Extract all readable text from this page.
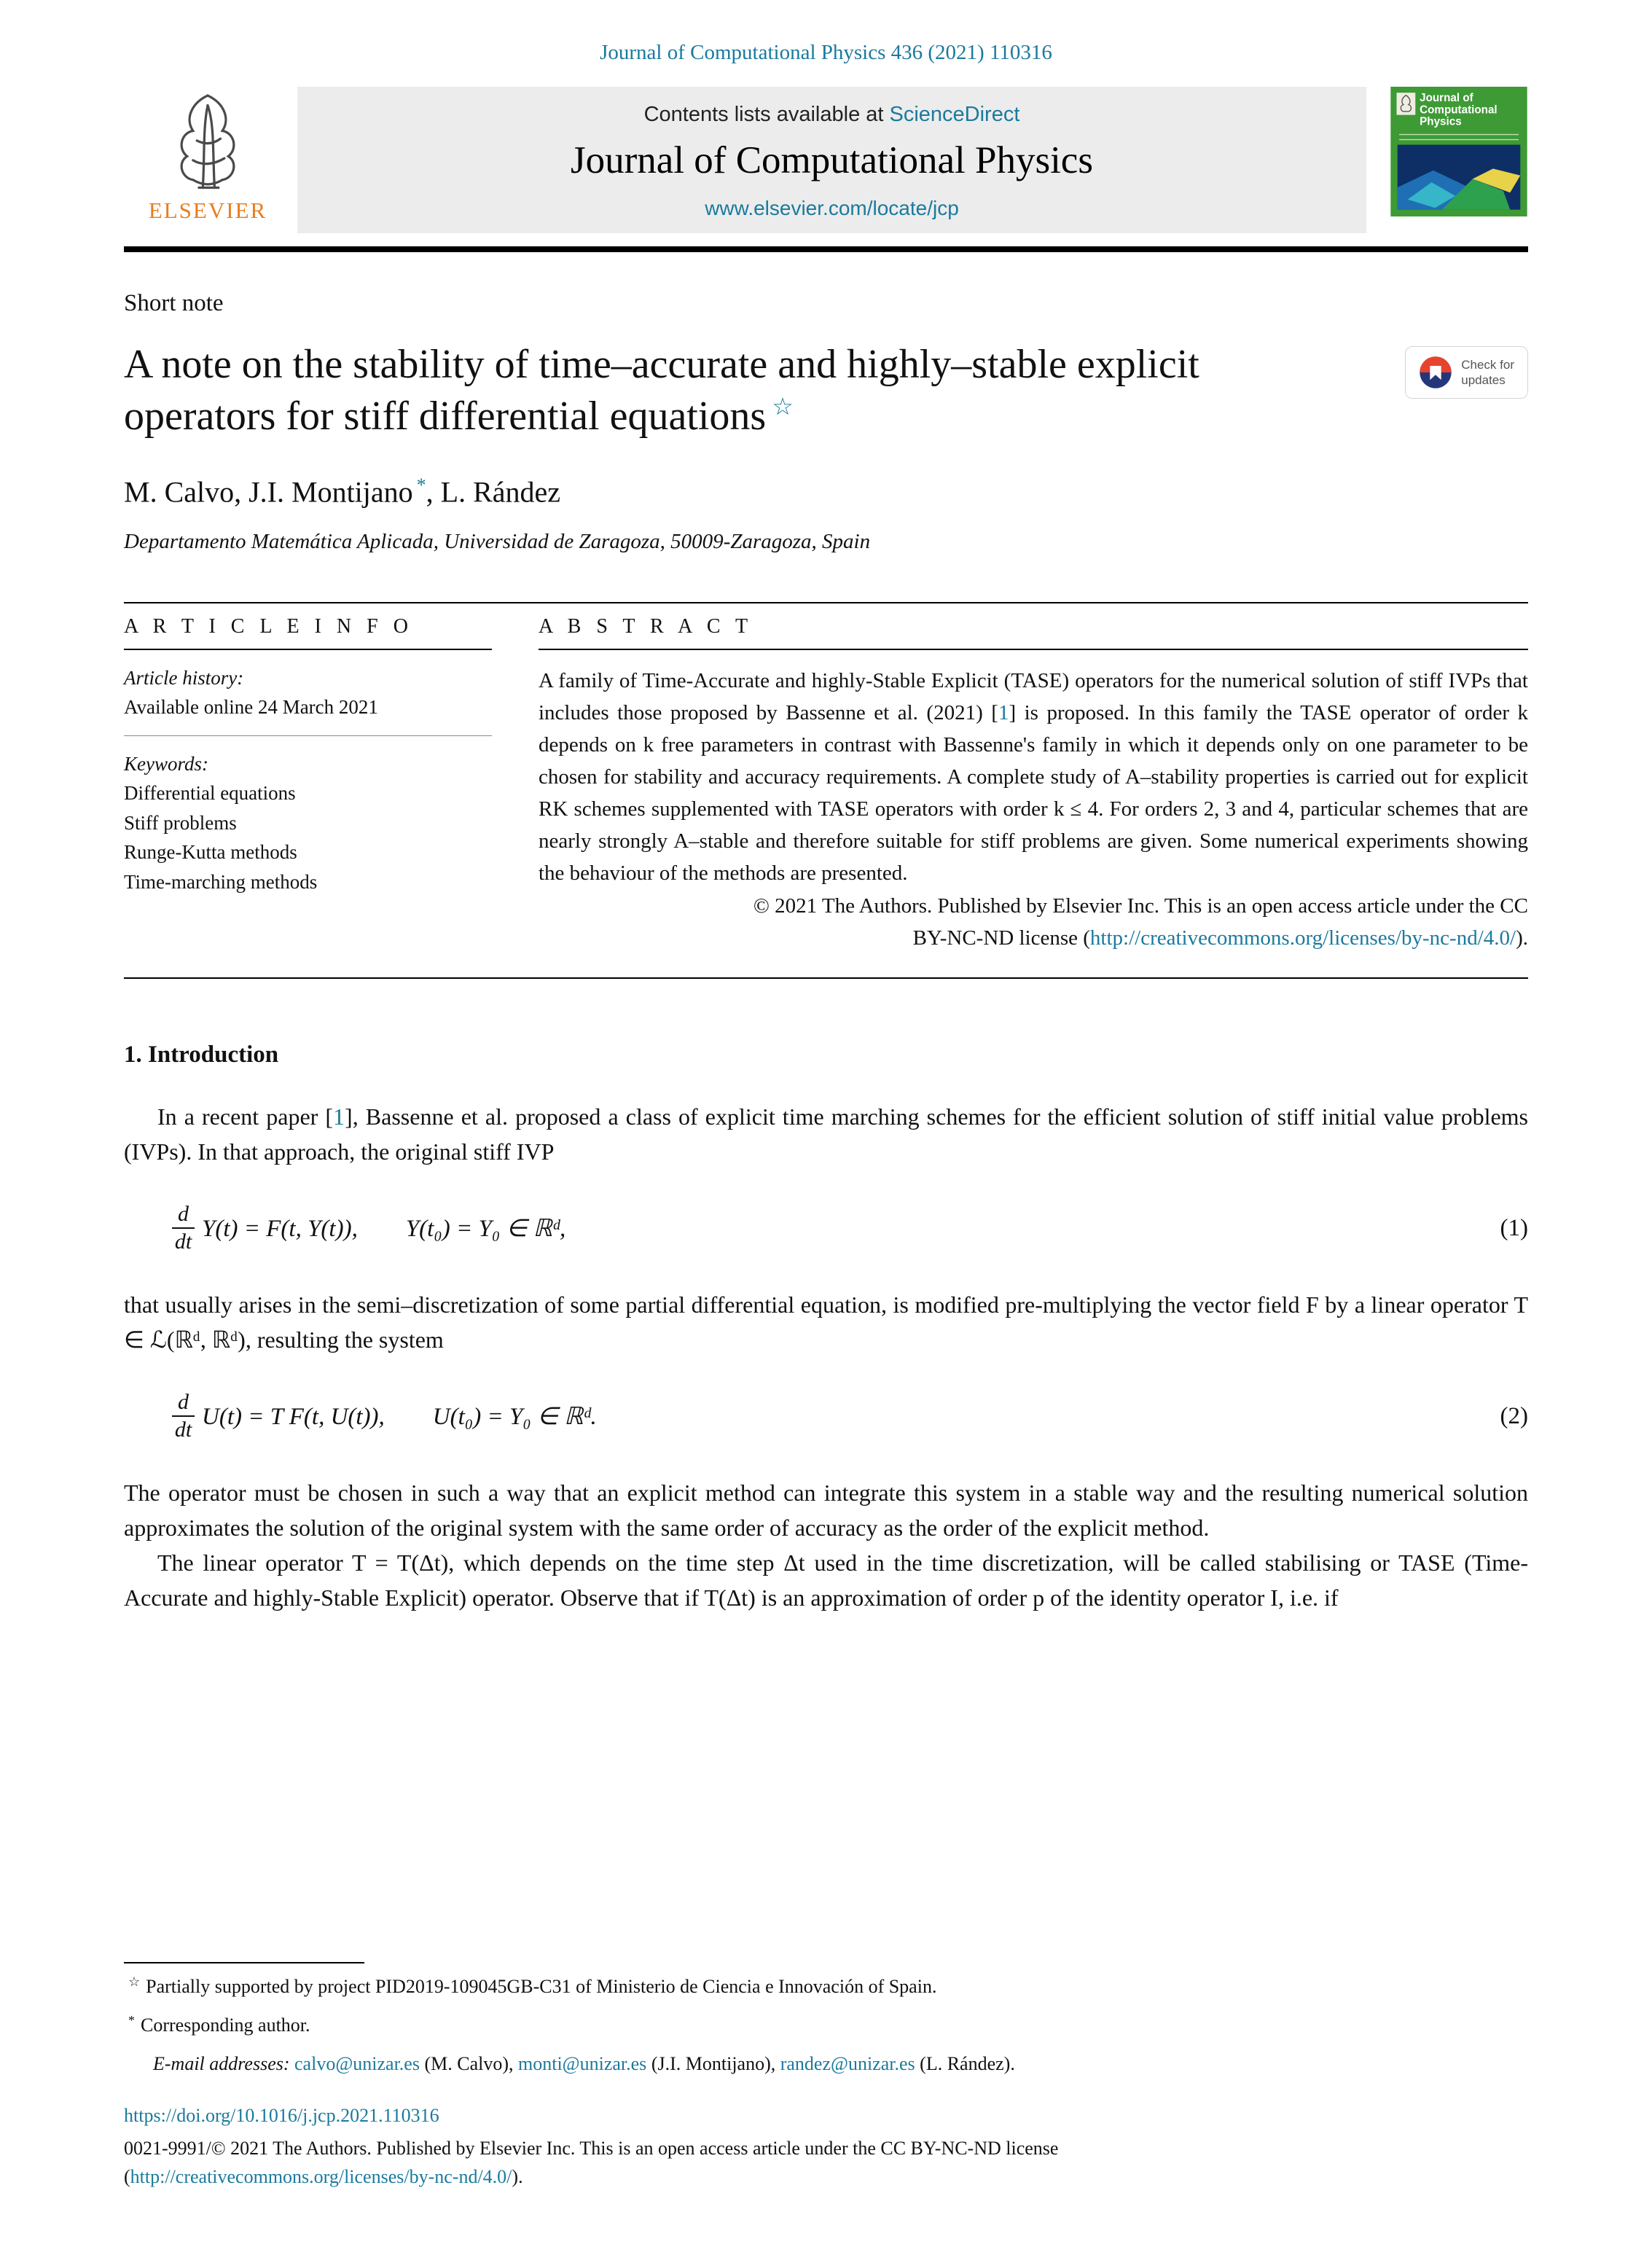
Journal of Computational Physics 436 (2021) 110316
ELSEVIER
Contents lists available at ScienceDirect
Journal of Computational Physics
www.elsevier.com/locate/jcp
Journal of
Computational
Physics
Short note
A note on the stability of time–accurate and highly–stable explicit operators for stiff differential equations ☆
Check for
updates
M. Calvo, J.I. Montijano *, L. Rández
Departamento Matemática Aplicada, Universidad de Zaragoza, 50009-Zaragoza, Spain
A R T I C L E I N F O
Article history:
Available online 24 March 2021
Keywords:
Differential equations
Stiff problems
Runge-Kutta methods
Time-marching methods
A B S T R A C T

A family of Time-Accurate and highly-Stable Explicit (TASE) operators for the numerical solution of stiff IVPs that includes those proposed by Bassenne et al. (2021) [1] is proposed. In this family the TASE operator of order k depends on k free parameters in contrast with Bassenne's family in which it depends only on one parameter to be chosen for stability and accuracy requirements. A complete study of A–stability properties is carried out for explicit RK schemes supplemented with TASE operators with order k ≤ 4. For orders 2, 3 and 4, particular schemes that are nearly strongly A–stable and therefore suitable for stiff problems are given. Some numerical experiments showing the behaviour of the methods are presented.

© 2021 The Authors. Published by Elsevier Inc. This is an open access article under the CC
BY-NC-ND license (http://creativecommons.org/licenses/by-nc-nd/4.0/).
1. Introduction

In a recent paper [1], Bassenne et al. proposed a class of explicit time marching schemes for the efficient solution of stiff initial value problems (IVPs). In that approach, the original stiff IVP

$\frac{d}{dt} Y(t) = F(t$, Y(t)),  Y(t₀) = Y₀ ∈ ℝᵈ,	(1)

that usually arises in the semi–discretization of some partial differential equation, is modified pre-multiplying the vector field F by a linear operator T ∈ ℒ(ℝᵈ, ℝᵈ), resulting the system

$\frac{d}{dt} U(t) = T$ F(t, U(t)),  U(t₀) = Y₀ ∈ ℝᵈ.	(2)

The operator must be chosen in such a way that an explicit method can integrate this system in a stable way and the resulting numerical solution approximates the solution of the original system with the same order of accuracy as the order of the explicit method.

The linear operator T = T(Δt), which depends on the time step Δt used in the time discretization, will be called stabilising or TASE (Time-Accurate and highly-Stable Explicit) operator. Observe that if T(Δt) is an approximation of order p of the identity operator I, i.e. if

☆ Partially supported by project PID2019-109045GB-C31 of Ministerio de Ciencia e Innovación of Spain.
* Corresponding author.
E-mail addresses: calvo@unizar.es (M. Calvo), monti@unizar.es (J.I. Montijano), randez@unizar.es (L. Rández).
https://doi.org/10.1016/j.jcp.2021.110316
0021-9991/© 2021 The Authors. Published by Elsevier Inc. This is an open access article under the CC BY-NC-ND license
(http://creativecommons.org/licenses/by-nc-nd/4.0/).
